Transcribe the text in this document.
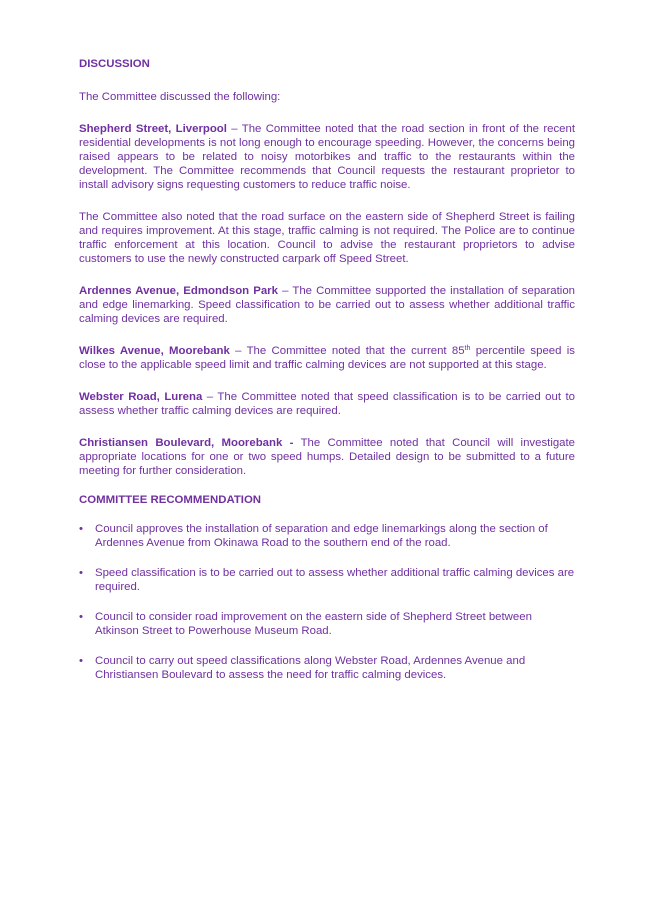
DISCUSSION

The Committee discussed the following:

Shepherd Street, Liverpool – The Committee noted that the road section in front of the recent residential developments is not long enough to encourage speeding. However, the concerns being raised appears to be related to noisy motorbikes and traffic to the restaurants within the development. The Committee recommends that Council requests the restaurant proprietor to install advisory signs requesting customers to reduce traffic noise.

The Committee also noted that the road surface on the eastern side of Shepherd Street is failing and requires improvement. At this stage, traffic calming is not required. The Police are to continue traffic enforcement at this location. Council to advise the restaurant proprietors to advise customers to use the newly constructed carpark off Speed Street.

Ardennes Avenue, Edmondson Park – The Committee supported the installation of separation and edge linemarking. Speed classification to be carried out to assess whether additional traffic calming devices are required.

Wilkes Avenue, Moorebank – The Committee noted that the current 85th percentile speed is close to the applicable speed limit and traffic calming devices are not supported at this stage.

Webster Road, Lurena – The Committee noted that speed classification is to be carried out to assess whether traffic calming devices are required.

Christiansen Boulevard, Moorebank - The Committee noted that Council will investigate appropriate locations for one or two speed humps. Detailed design to be submitted to a future meeting for further consideration.

COMMITTEE RECOMMENDATION

•	Council approves the installation of separation and edge linemarkings along the section of Ardennes Avenue from Okinawa Road to the southern end of the road.
•	Speed classification is to be carried out to assess whether additional traffic calming devices are required.
•	Council to consider road improvement on the eastern side of Shepherd Street between Atkinson Street to Powerhouse Museum Road.
•	Council to carry out speed classifications along Webster Road, Ardennes Avenue and Christiansen Boulevard to assess the need for traffic calming devices.
